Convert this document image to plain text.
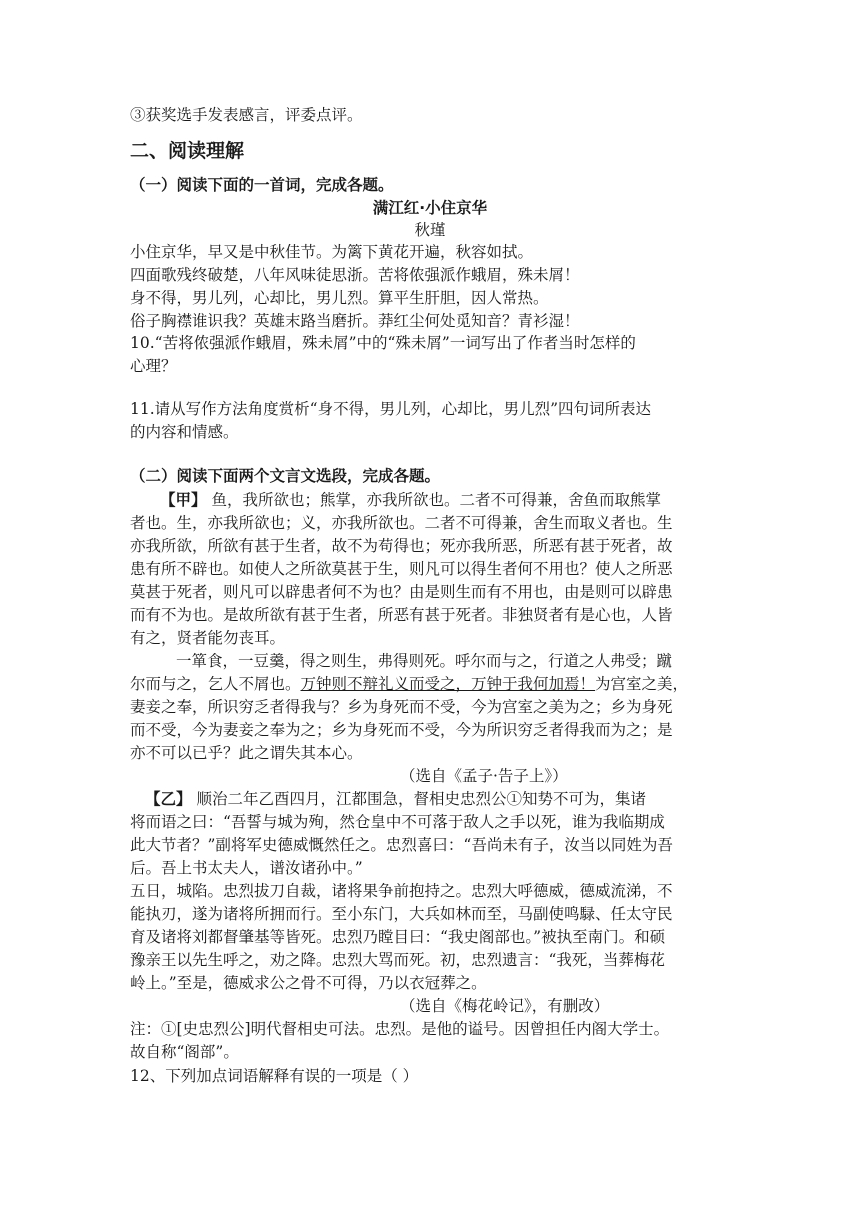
③获奖选手发表感言，评委点评。
二、阅读理解
（一）阅读下面的一首词，完成各题。
满江红·小住京华
秋瑾
小住京华，早又是中秋佳节。为篱下黄花开遍，秋容如拭。
四面歌残终破楚，八年风味徒思浙。苦将侬强派作蛾眉，殊未屑！
身不得，男儿列，心却比，男儿烈。算平生肝胆，因人常热。
俗子胸襟谁识我？英雄末路当磨折。莽红尘何处觅知音？青衫湿！
10.“苦将侬强派作蛾眉，殊未屑”中的“殊未屑”一词写出了作者当时怎样的
心理？
11.请从写作方法角度赏析“身不得，男儿列，心却比，男儿烈”四句词所表达
的内容和情感。
（二）阅读下面两个文言文选段，完成各题。
【甲】 鱼，我所欲也；熊掌，亦我所欲也。二者不可得兼，舍鱼而取熊掌
者也。生，亦我所欲也；义，亦我所欲也。二者不可得兼，舍生而取义者也。生
亦我所欲，所欲有甚于生者，故不为苟得也；死亦我所恶，所恶有甚于死者，故
患有所不辟也。如使人之所欲莫甚于生，则凡可以得生者何不用也？使人之所恶
莫甚于死者，则凡可以辟患者何不为也？由是则生而有不用也，由是则可以辟患
而有不为也。是故所欲有甚于生者，所恶有甚于死者。非独贤者有是心也，人皆
有之，贤者能勿丧耳。
一箪食，一豆羹，得之则生，弗得则死。呼尔而与之，行道之人弗受；蹴
尔而与之，乞人不屑也。万钟则不辩礼义而受之，万钟于我何加焉！为宫室之美，
妻妾之奉，所识穷乏者得我与？乡为身死而不受，今为宫室之美为之；乡为身死
而不受，今为妻妾之奉为之；乡为身死而不受，今为所识穷乏者得我而为之；是
亦不可以已乎？此之谓失其本心。
（选自《孟子·告子上》）
【乙】 顺治二年乙酉四月，江都围急，督相史忠烈公①知势不可为，集诸
将而语之曰：“吾誓与城为殉，然仓皇中不可落于敌人之手以死，谁为我临期成
此大节者？”副将军史德威慨然任之。忠烈喜曰：“吾尚未有子，汝当以同姓为吾
后。吾上书太夫人，谱汝诸孙中。”
五日，城陷。忠烈拔刀自裁，诸将果争前抱持之。忠烈大呼德威，德威流涕，不
能执刃，遂为诸将所拥而行。至小东门，大兵如林而至，马副使鸣騄、任太守民
育及诸将刘都督肇基等皆死。忠烈乃瞠目曰：“我史阁部也。”被执至南门。和硕
豫亲王以先生呼之，劝之降。忠烈大骂而死。初，忠烈遗言：“我死，当葬梅花
岭上。”至是，德威求公之骨不可得，乃以衣冠葬之。
（选自《梅花岭记》，有删改）
注：①[史忠烈公]明代督相史可法。忠烈。是他的谥号。因曾担任内阁大学士。
故自称“阁部”。
12、下列加点词语解释有误的一项是（ ）
